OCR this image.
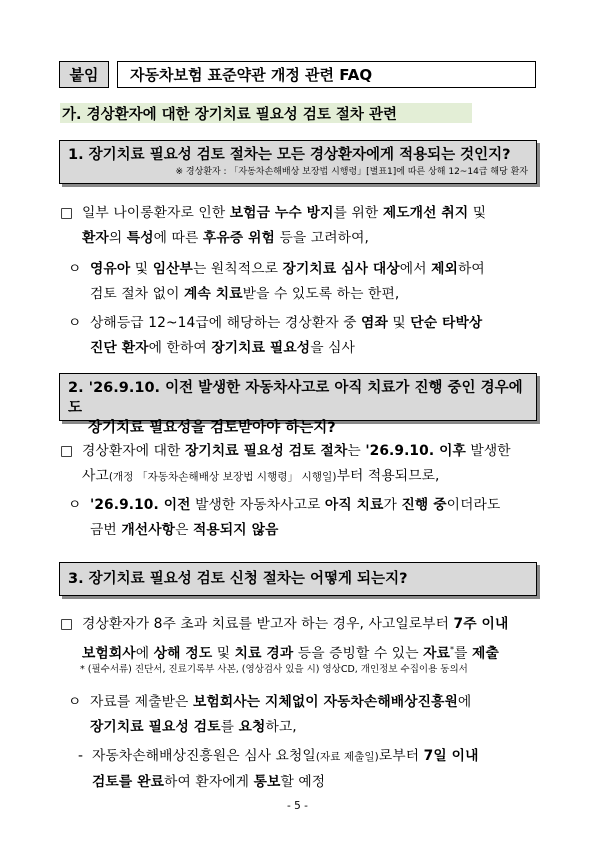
붙임	자동차보험 표준약관 개정 관련 FAQ
가. 경상환자에 대한 장기치료 필요성 검토 절차 관련
1. 장기치료 필요성 검토 절차는 모든 경상환자에게 적용되는 것인지?
※ 경상환자 : 「자동차손해배상 보장법 시행령」[별표1]에 따른 상해 12~14급 해당 환자
□ 일부 나이롱환자로 인한 보험금 누수 방지를 위한 제도개선 취지 및
환자의 특성에 따른 후유증 위험 등을 고려하여,
ㅇ 영유아 및 임산부는 원칙적으로 장기치료 심사 대상에서 제외하여
검토 절차 없이 계속 치료받을 수 있도록 하는 한편,
ㅇ 상해등급 12~14급에 해당하는 경상환자 중 염좌 및 단순 타박상
진단 환자에 한하여 장기치료 필요성을 심사
2. '26.9.10. 이전 발생한 자동차사고로 아직 치료가 진행 중인 경우에도
장기치료 필요성을 검토받아야 하는지?
□ 경상환자에 대한 장기치료 필요성 검토 절차는 '26.9.10. 이후 발생한
사고(개정 「자동차손해배상 보장법 시행령」 시행일)부터 적용되므로,
ㅇ '26.9.10. 이전 발생한 자동차사고로 아직 치료가 진행 중이더라도
금번 개선사항은 적용되지 않음
3. 장기치료 필요성 검토 신청 절차는 어떻게 되는지?
□ 경상환자가 8주 초과 치료를 받고자 하는 경우, 사고일로부터 7주 이내
보험회사에 상해 정도 및 치료 경과 등을 증빙할 수 있는 자료*를 제출
* (필수서류) 진단서, 진료기록부 사본, (영상검사 있을 시) 영상CD, 개인정보 수집이용 동의서
ㅇ 자료를 제출받은 보험회사는 지체없이 자동차손해배상진흥원에
장기치료 필요성 검토를 요청하고,
- 자동차손해배상진흥원은 심사 요청일(자료 제출일)로부터 7일 이내
검토를 완료하여 환자에게 통보할 예정
- 5 -
